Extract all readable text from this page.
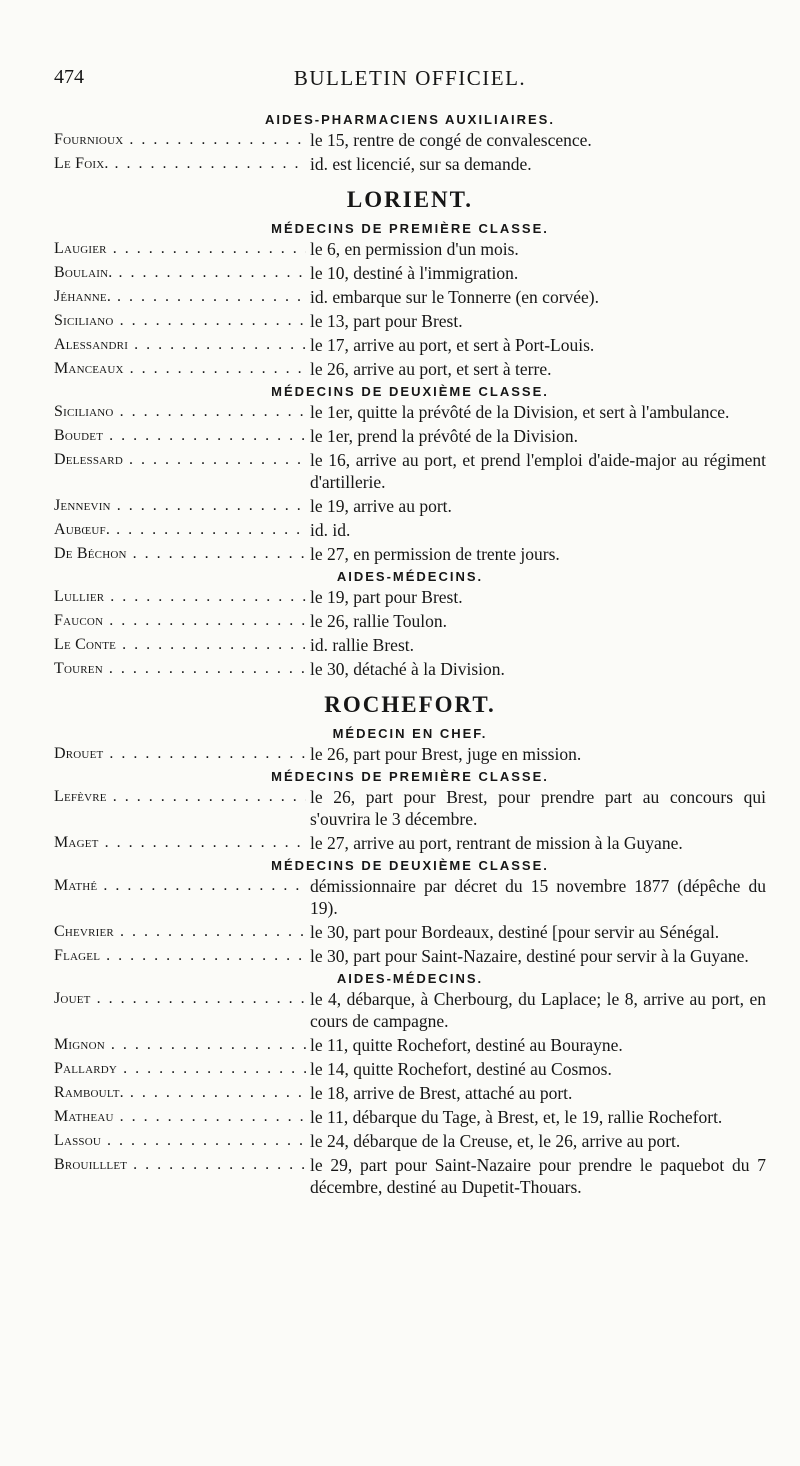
474	BULLETIN OFFICIEL.
AIDES-PHARMACIENS AUXILIAIRES.
Fournioux . . .	le 15, rentre de congé de convalescence.
Le Foix. . . .	id. est licencié, sur sa demande.
LORIENT.
MÉDECINS DE PREMIÈRE CLASSE.
Laugier . . .	le 6, en permission d'un mois.
Boulain. . . .	le 10, destiné à l'immigration.
Jéhanne. . . .	id. embarque sur le Tonnerre (en corvée).
Siciliano . . .	le 13, part pour Brest.
Alessandri . . .	le 17, arrive au port, et sert à Port-Louis.
Manceaux . . .	le 26, arrive au port, et sert à terre.
MÉDECINS DE DEUXIÈME CLASSE.
Siciliano . . .	le 1er, quitte la prévôté de la Division, et sert à l'ambulance.
Boudet . . .	le 1er, prend la prévôté de la Division.
Delessard . . .	le 16, arrive au port, et prend l'emploi d'aide-major au régiment d'artillerie.
Jennevin . . .	le 19, arrive au port.
Aubœuf. . . .	id. id.
De Béchon . . .	le 27, en permission de trente jours.
AIDES-MÉDECINS.
Lullier . . .	le 19, part pour Brest.
Faucon . . .	le 26, rallie Toulon.
Le Conte . . .	id. rallie Brest.
Touren . . .	le 30, détaché à la Division.
ROCHEFORT.
MÉDECIN EN CHEF.
Drouet . . .	le 26, part pour Brest, juge en mission.
MÉDECINS DE PREMIÈRE CLASSE.
Lefèvre . . .	le 26, part pour Brest, pour prendre part au concours qui s'ouvrira le 3 décembre.
Maget . . .	le 27, arrive au port, rentrant de mission à la Guyane.
MÉDECINS DE DEUXIÈME CLASSE.
Mathé . . .	démissionnaire par décret du 15 novembre 1877 (dépêche du 19).
Chevrier . . .	le 30, part pour Bordeaux, destiné [pour servir au Sénégal.
Flagel . . .	le 30, part pour Saint-Nazaire, destiné pour servir à la Guyane.
AIDES-MÉDECINS.
Jouet . . .	le 4, débarque, à Cherbourg, du Laplace; le 8, arrive au port, en cours de campagne.
Mignon . . .	le 11, quitte Rochefort, destiné au Bourayne.
Pallardy . . .	le 14, quitte Rochefort, destiné au Cosmos.
Ramboult. . . .	le 18, arrive de Brest, attaché au port.
Matheau . . .	le 11, débarque du Tage, à Brest, et, le 19, rallie Rochefort.
Lassou . . .	le 24, débarque de la Creuse, et, le 26, arrive au port.
Brouilllet . . .	le 29, part pour Saint-Nazaire pour prendre le paquebot du 7 décembre, destiné au Dupetit-Thouars.
